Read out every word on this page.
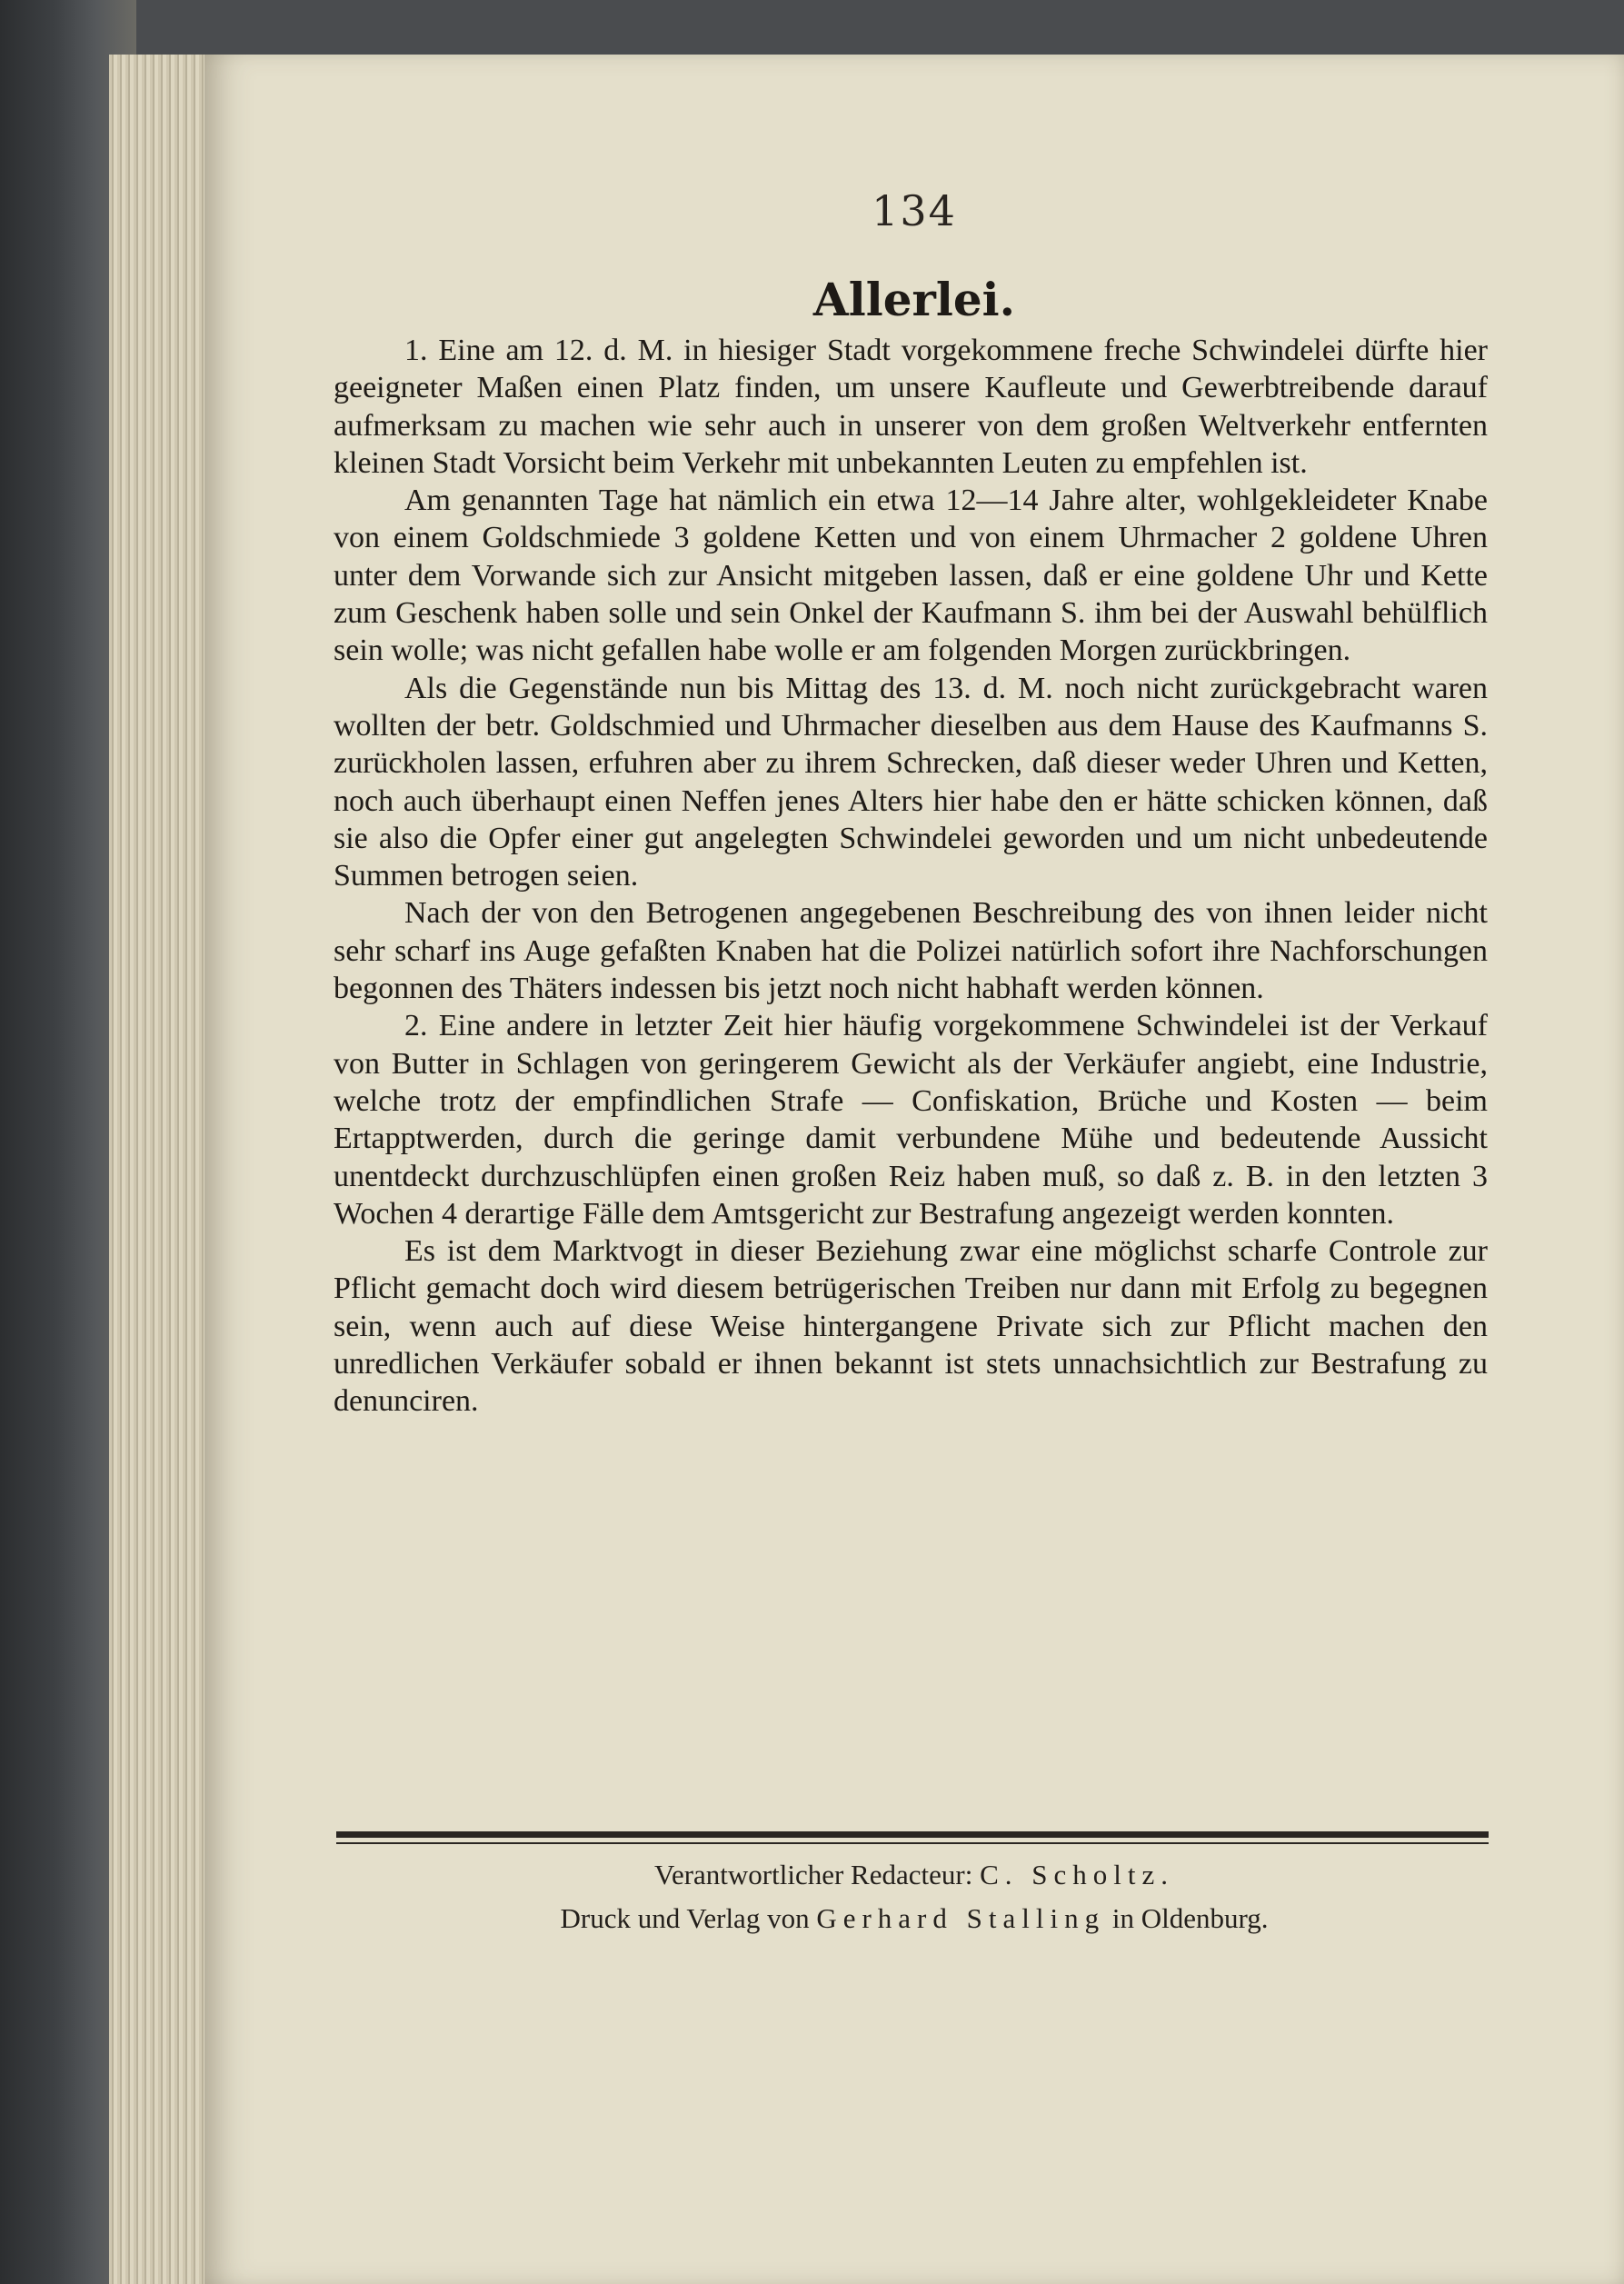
134
Allerlei.

1. Eine am 12. d. M. in hiesiger Stadt vorgekommene freche Schwindelei dürfte hier geeigneter Maßen einen Platz finden, um unsere Kaufleute und Gewerbtreibende darauf aufmerksam zu machen wie sehr auch in unserer von dem großen Weltverkehr entfernten kleinen Stadt Vorsicht beim Verkehr mit unbekannten Leuten zu empfehlen ist.

Am genannten Tage hat nämlich ein etwa 12—14 Jahre alter, wohlgekleideter Knabe von einem Goldschmiede 3 goldene Ketten und von einem Uhrmacher 2 goldene Uhren unter dem Vorwande sich zur Ansicht mitgeben lassen, daß er eine goldene Uhr und Kette zum Geschenk haben solle und sein Onkel der Kaufmann S. ihm bei der Auswahl behülflich sein wolle; was nicht gefallen habe wolle er am folgenden Morgen zurückbringen.

Als die Gegenstände nun bis Mittag des 13. d. M. noch nicht zurückgebracht waren wollten der betr. Goldschmied und Uhrmacher dieselben aus dem Hause des Kaufmanns S. zurückholen lassen, erfuhren aber zu ihrem Schrecken, daß dieser weder Uhren und Ketten, noch auch überhaupt einen Neffen jenes Alters hier habe den er hätte schicken können, daß sie also die Opfer einer gut angelegten Schwindelei geworden und um nicht unbedeutende Summen betrogen seien.

Nach der von den Betrogenen angegebenen Beschreibung des von ihnen leider nicht sehr scharf ins Auge gefaßten Knaben hat die Polizei natürlich sofort ihre Nachforschungen begonnen des Thäters indessen bis jetzt noch nicht habhaft werden können.

2. Eine andere in letzter Zeit hier häufig vorgekommene Schwindelei ist der Verkauf von Butter in Schlagen von geringerem Gewicht als der Verkäufer angiebt, eine Industrie, welche trotz der empfindlichen Strafe — Confiskation, Brüche und Kosten — beim Ertapptwerden, durch die geringe damit verbundene Mühe und bedeutende Aussicht unentdeckt durchzuschlüpfen einen großen Reiz haben muß, so daß z. B. in den letzten 3 Wochen 4 derartige Fälle dem Amtsgericht zur Bestrafung angezeigt werden konnten.

Es ist dem Marktvogt in dieser Beziehung zwar eine möglichst scharfe Controle zur Pflicht gemacht doch wird diesem betrügerischen Treiben nur dann mit Erfolg zu begegnen sein, wenn auch auf diese Weise hintergangene Private sich zur Pflicht machen den unredlichen Verkäufer sobald er ihnen bekannt ist stets unnachsichtlich zur Bestrafung zu denunciren.

Verantwortlicher Redacteur: C. Scholtz.
Druck und Verlag von Gerhard Stalling in Oldenburg.
